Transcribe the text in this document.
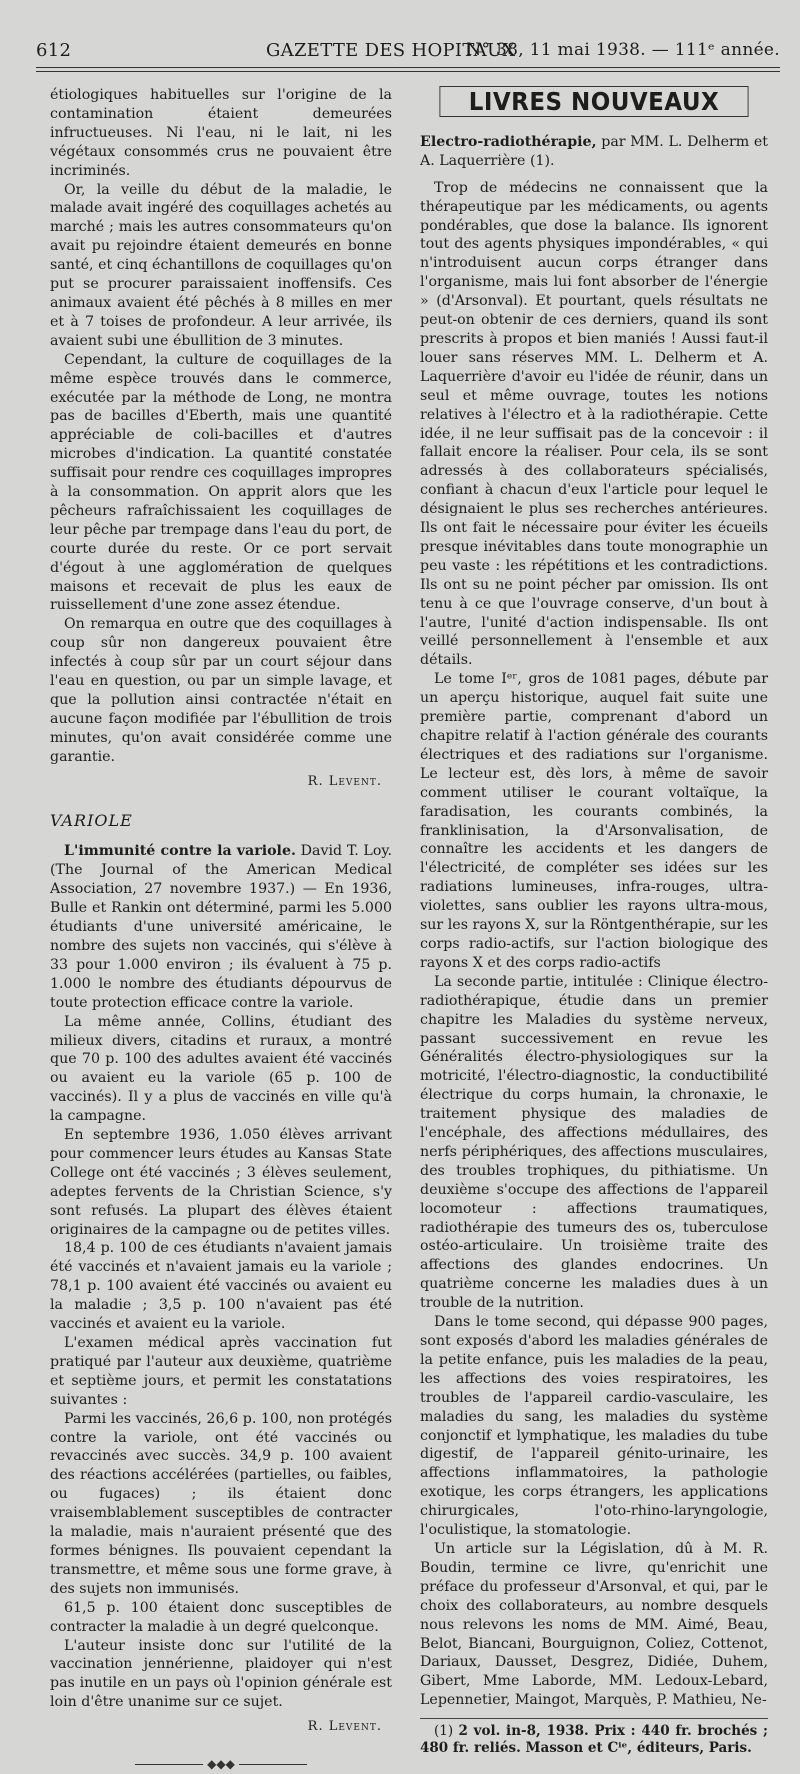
612	GAZETTE DES HOPITAUX
N° 38, 11 mai 1938. — 111ᵉ année.

étiologiques habituelles sur l'origine de la contamination étaient demeurées infructueuses. Ni l'eau, ni le lait, ni les végétaux consommés crus ne pouvaient être incriminés.

Or, la veille du début de la maladie, le malade avait ingéré des coquillages achetés au marché ; mais les autres consommateurs qu'on avait pu rejoindre étaient demeurés en bonne santé, et cinq échantillons de coquillages qu'on put se procurer paraissaient inoffensifs. Ces animaux avaient été pêchés à 8 milles en mer et à 7 toises de profondeur. A leur arrivée, ils avaient subi une ébullition de 3 minutes.

Cependant, la culture de coquillages de la même espèce trouvés dans le commerce, exécutée par la méthode de Long, ne montra pas de bacilles d'Eberth, mais une quantité appréciable de coli-bacilles et d'autres microbes d'indication. La quantité constatée suffisait pour rendre ces coquillages impropres à la consommation. On apprit alors que les pêcheurs rafraîchissaient les coquillages de leur pêche par trempage dans l'eau du port, de courte durée du reste. Or ce port servait d'égout à une agglomération de quelques maisons et recevait de plus les eaux de ruissellement d'une zone assez étendue.

On remarqua en outre que des coquillages à coup sûr non dangereux pouvaient être infectés à coup sûr par un court séjour dans l'eau en question, ou par un simple lavage, et que la pollution ainsi contractée n'était en aucune façon modifiée par l'ébullition de trois minutes, qu'on avait considérée comme une garantie.

R. Levent.
VARIOLE

L'immunité contre la variole. David T. Loy. (The Journal of the American Medical Association, 27 novembre 1937.) — En 1936, Bulle et Rankin ont déterminé, parmi les 5.000 étudiants d'une université américaine, le nombre des sujets non vaccinés, qui s'élève à 33 pour 1.000 environ ; ils évaluent à 75 p. 1.000 le nombre des étudiants dépourvus de toute protection efficace contre la variole.

La même année, Collins, étudiant des milieux divers, citadins et ruraux, a montré que 70 p. 100 des adultes avaient été vaccinés ou avaient eu la variole (65 p. 100 de vaccinés). Il y a plus de vaccinés en ville qu'à la campagne.

En septembre 1936, 1.050 élèves arrivant pour commencer leurs études au Kansas State College ont été vaccinés ; 3 élèves seulement, adeptes fervents de la Christian Science, s'y sont refusés. La plupart des élèves étaient originaires de la campagne ou de petites villes.

18,4 p. 100 de ces étudiants n'avaient jamais été vaccinés et n'avaient jamais eu la variole ; 78,1 p. 100 avaient été vaccinés ou avaient eu la maladie ; 3,5 p. 100 n'avaient pas été vaccinés et avaient eu la variole.

L'examen médical après vaccination fut pratiqué par l'auteur aux deuxième, quatrième et septième jours, et permit les constatations suivantes :

Parmi les vaccinés, 26,6 p. 100, non protégés contre la variole, ont été vaccinés ou revaccinés avec succès. 34,9 p. 100 avaient des réactions accélérées (partielles, ou faibles, ou fugaces) ; ils étaient donc vraisemblablement susceptibles de contracter la maladie, mais n'auraient présenté que des formes bénignes. Ils pouvaient cependant la transmettre, et même sous une forme grave, à des sujets non immunisés.

61,5 p. 100 étaient donc susceptibles de contracter la maladie à un degré quelconque.

L'auteur insiste donc sur l'utilité de la vaccination jennérienne, plaidoyer qui n'est pas inutile en un pays où l'opinion générale est loin d'être unanime sur ce sujet.

R. Levent.
◆◆◆
LIVRES NOUVEAUX

Electro-radiothérapie, par MM. L. Delherm et A. Laquerrière (1).

Trop de médecins ne connaissent que la thérapeutique par les médicaments, ou agents pondérables, que dose la balance. Ils ignorent tout des agents physiques impondérables, « qui n'introduisent aucun corps étranger dans l'organisme, mais lui font absorber de l'énergie » (d'Arsonval). Et pourtant, quels résultats ne peut-on obtenir de ces derniers, quand ils sont prescrits à propos et bien maniés ! Aussi faut-il louer sans réserves MM. L. Delherm et A. Laquerrière d'avoir eu l'idée de réunir, dans un seul et même ouvrage, toutes les notions relatives à l'électro et à la radiothérapie. Cette idée, il ne leur suffisait pas de la concevoir : il fallait encore la réaliser. Pour cela, ils se sont adressés à des collaborateurs spécialisés, confiant à chacun d'eux l'article pour lequel le désignaient le plus ses recherches antérieures. Ils ont fait le nécessaire pour éviter les écueils presque inévitables dans toute monographie un peu vaste : les répétitions et les contradictions. Ils ont su ne point pécher par omission. Ils ont tenu à ce que l'ouvrage conserve, d'un bout à l'autre, l'unité d'action indispensable. Ils ont veillé personnellement à l'ensemble et aux détails.

Le tome Iᵉʳ, gros de 1081 pages, débute par un aperçu historique, auquel fait suite une première partie, comprenant d'abord un chapitre relatif à l'action générale des courants électriques et des radiations sur l'organisme. Le lecteur est, dès lors, à même de savoir comment utiliser le courant voltaïque, la faradisation, les courants combinés, la franklinisation, la d'Arsonvalisation, de connaître les accidents et les dangers de l'électricité, de compléter ses idées sur les radiations lumineuses, infra-rouges, ultra-violettes, sans oublier les rayons ultra-mous, sur les rayons X, sur la Röntgenthérapie, sur les corps radio-actifs, sur l'action biologique des rayons X et des corps radio-actifs

La seconde partie, intitulée : Clinique électro-radiothérapique, étudie dans un premier chapitre les Maladies du système nerveux, passant successivement en revue les Généralités électro-physiologiques sur la motricité, l'électro-diagnostic, la conductibilité électrique du corps humain, la chronaxie, le traitement physique des maladies de l'encéphale, des affections médullaires, des nerfs périphériques, des affections musculaires, des troubles trophiques, du pithiatisme. Un deuxième s'occupe des affections de l'appareil locomoteur : affections traumatiques, radiothérapie des tumeurs des os, tuberculose ostéo-articulaire. Un troisième traite des affections des glandes endocrines. Un quatrième concerne les maladies dues à un trouble de la nutrition.

Dans le tome second, qui dépasse 900 pages, sont exposés d'abord les maladies générales de la petite enfance, puis les maladies de la peau, les affections des voies respiratoires, les troubles de l'appareil cardio-vasculaire, les maladies du sang, les maladies du système conjonctif et lymphatique, les maladies du tube digestif, de l'appareil génito-urinaire, les affections inflammatoires, la pathologie exotique, les corps étrangers, les applications chirurgicales, l'oto-rhino-laryngologie, l'oculistique, la stomatologie.

Un article sur la Législation, dû à M. R. Boudin, termine ce livre, qu'enrichit une préface du professeur d'Arsonval, et qui, par le choix des collaborateurs, au nombre desquels nous relevons les noms de MM. Aimé, Beau, Belot, Biancani, Bourguignon, Coliez, Cottenot, Dariaux, Dausset, Desgrez, Didiée, Duhem, Gibert, Mme Laborde, MM. Ledoux-Lebard, Lepennetier, Maingot, Marquès, P. Mathieu, Ne-

(1) 2 vol. in-8, 1938. Prix : 440 fr. brochés ; 480 fr. reliés. Masson et Cⁱᵉ, éditeurs, Paris.
